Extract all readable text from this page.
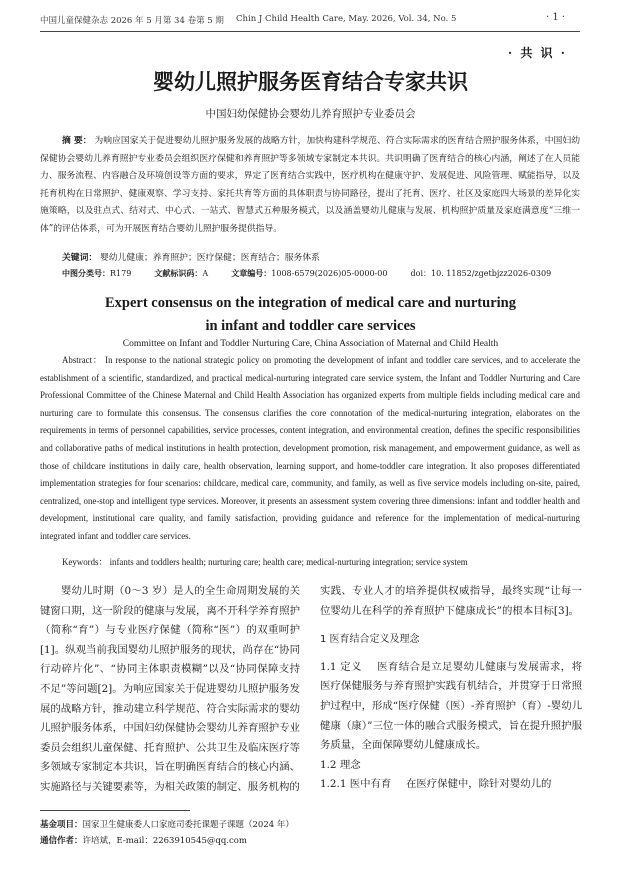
中国儿童保健杂志 2026 年 5 月第 34 卷第 5 期 Chin J Child Health Care, May. 2026, Vol. 34, No. 5	· 1 ·
· 共 识 ·
婴幼儿照护服务医育结合专家共识
中国妇幼保健协会婴幼儿养育照护专业委员会
摘 要： 为响应国家关于促进婴幼儿照护服务发展的战略方针，加快构建科学规范、符合实际需求的医育结合照护服务体系，中国妇幼保健协会婴幼儿养育照护专业委员会组织医疗保健和养育照护等多领域专家制定本共识。共识明确了医育结合的核心内涵，阐述了在人员能力、服务流程、内容融合及环境创设等方面的要求，界定了医育结合实践中，医疗机构在健康守护、发展促进、风险管理、赋能指导，以及托育机构在日常照护、健康观察、学习支持、家托共育等方面的具体职责与协同路径，提出了托育、医疗、社区及家庭四大场景的差异化实施策略，以及驻点式、结对式、中心式、一站式、智慧式五种服务模式，以及涵盖婴幼儿健康与发展、机构照护质量及家庭满意度“三维一体”的评估体系，可为开展医育结合婴幼儿照护服务提供指导。
关键词： 婴幼儿健康；养育照护；医疗保健；医育结合；服务体系
中图分类号：R179	文献标识码：A	文章编号：1008-6579(2026)05-0000-00	doi：10. 11852/zgetbjzz2026-0309
Expert consensus on the integration of medical care and nurturing
in infant and toddler care services
Committee on Infant and Toddler Nurturing Care, China Association of Maternal and Child Health
Abstract： In response to the national strategic policy on promoting the development of infant and toddler care services, and to accelerate the establishment of a scientific, standardized, and practical medical-nurturing integrated care service system, the Infant and Toddler Nurturing and Care Professional Committee of the Chinese Maternal and Child Health Association has organized experts from multiple fields including medical care and nurturing care to formulate this consensus. The consensus clarifies the core connotation of the medical-nurturing integration, elaborates on the requirements in terms of personnel capabilities, service processes, content integration, and environmental creation, defines the specific responsibilities and collaborative paths of medical institutions in health protection, development promotion, risk management, and empowerment guidance, as well as those of childcare institutions in daily care, health observation, learning support, and home-toddler care integration. It also proposes differentiated implementation strategies for four scenarios: childcare, medical care, community, and family, as well as five service models including on-site, paired, centralized, one-stop and intelligent type services. Moreover, it presents an assessment system covering three dimensions: infant and toddler health and development, institutional care quality, and family satisfaction, providing guidance and reference for the implementation of medical-nurturing integrated infant and toddler care services.
Keywords： infants and toddlers health; nurturing care; health care; medical-nurturing integration; service system
婴幼儿时期（0～3 岁）是人的全生命周期发展的关键窗口期，这一阶段的健康与发展，离不开科学养育照护（简称“育”）与专业医疗保健（简称“医”）的双重呵护[1]。纵观当前我国婴幼儿照护服务的现状，尚存在“协同行动碎片化”、“协同主体职责模糊”以及“协同保障支持不足”等问题[2]。为响应国家关于促进婴幼儿照护服务发展的战略方针，推动建立科学规范、符合实际需求的婴幼儿照护服务体系，中国妇幼保健协会婴幼儿养育照护专业委员会组织儿童保健、托育照护、公共卫生及临床医疗等多领域专家制定本共识，旨在明确医育结合的核心内涵、实施路径与关键要素等，为相关政策的制定、服务机构的
实践、专业人才的培养提供权威指导，最终实现“让每一位婴幼儿在科学的养育照护下健康成长”的根本目标[3]。
1 医育结合定义及理念
1.1 定义 医育结合是立足婴幼儿健康与发展需求，将医疗保健服务与养育照护实践有机结合，并贯穿于日常照护过程中，形成“医疗保健（医）-养育照护（育）-婴幼儿健康（康）”三位一体的融合式服务模式，旨在提升照护服务质量，全面保障婴幼儿健康成长。
1.2 理念
1.2.1 医中有育 在医疗保健中，除针对婴幼儿的
基金项目：国家卫生健康委人口家庭司委托课题子课题（2024 年）
通信作者：许培斌，E-mail：2263910545@qq.com
